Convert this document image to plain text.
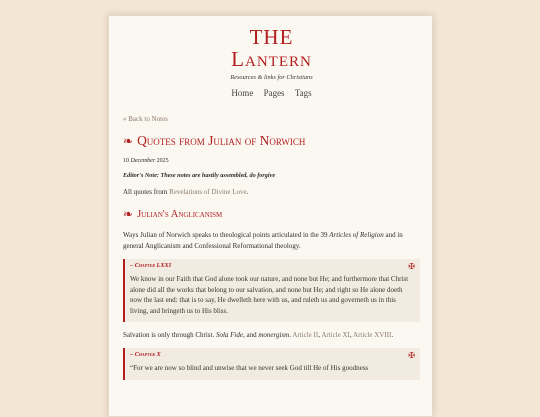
THE
Lantern
Resources & links for Christians
Home Pages Tags
« Back to Notes
❧ Quotes from Julian of Norwich
10 December 2025
Editor's Note: These notes are hastily assembled, do forgive
All quotes from Revelations of Divine Love.
❧ Julian's Anglicanism
Ways Julian of Norwich speaks to theological points articulated in the 39 Articles of Religion and in general Anglicanism and Confessional Reformational theology.
– Chapter LXXI	✠
We know in our Faith that God alone took our nature, and none but He; and furthermore that Christ alone did all the works that belong to our salvation, and none but He; and right so He alone doeth now the last end: that is to say, He dwelleth here with us, and ruleth us and governeth us in this living, and bringeth us to His bliss.
Salvation is only through Christ. Sola Fide, and monergism. Article II, Article XI, Article XVIII.
– Chapter X	✠
“For we are now so blind and unwise that we never seek God till He of His goodness
